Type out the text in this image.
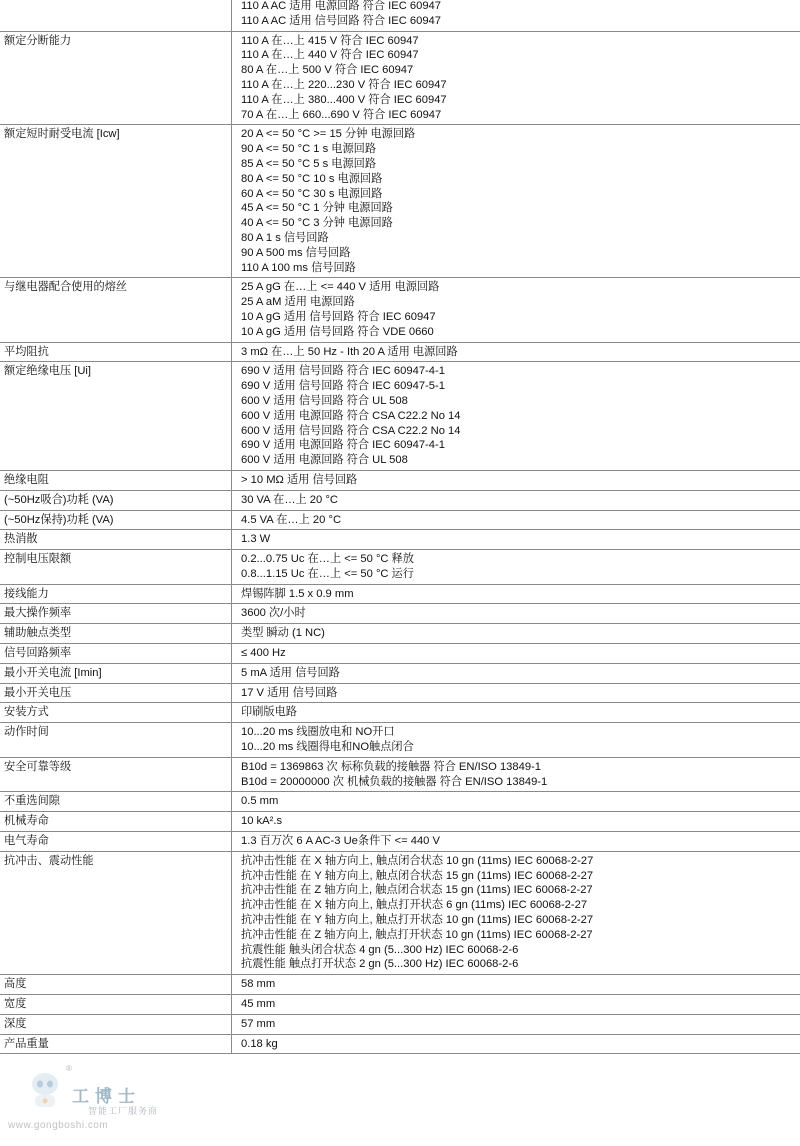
110 A AC 适用 电源回路 符合 IEC 60947
110 A AC 适用 信号回路 符合 IEC 60947
额定分断能力	110 A 在…上 415 V 符合 IEC 60947
110 A 在…上 440 V 符合 IEC 60947
80 A 在…上 500 V 符合 IEC 60947
110 A 在…上 220...230 V 符合 IEC 60947
110 A 在…上 380...400 V 符合 IEC 60947
70 A 在…上 660...690 V 符合 IEC 60947
额定短时耐受电流 [Icw]	20 A <= 50 °C >= 15 分钟 电源回路
90 A <= 50 °C 1 s 电源回路
85 A <= 50 °C 5 s 电源回路
80 A <= 50 °C 10 s 电源回路
60 A <= 50 °C 30 s 电源回路
45 A <= 50 °C 1 分钟 电源回路
40 A <= 50 °C 3 分钟 电源回路
80 A 1 s 信号回路
90 A 500 ms 信号回路
110 A 100 ms 信号回路
与继电器配合使用的熔丝	25 A gG 在…上 <= 440 V 适用 电源回路
25 A aM 适用 电源回路
10 A gG 适用 信号回路 符合 IEC 60947
10 A gG 适用 信号回路 符合 VDE 0660
平均阻抗	3 mΩ 在…上 50 Hz - Ith 20 A 适用 电源回路
额定绝缘电压 [Ui]	690 V 适用 信号回路 符合 IEC 60947-4-1
690 V 适用 信号回路 符合 IEC 60947-5-1
600 V 适用 信号回路 符合 UL 508
600 V 适用 电源回路 符合 CSA C22.2 No 14
600 V 适用 信号回路 符合 CSA C22.2 No 14
690 V 适用 电源回路 符合 IEC 60947-4-1
600 V 适用 电源回路 符合 UL 508
绝缘电阻	> 10 MΩ 适用 信号回路
(~50Hz吸合)功耗 (VA)	30 VA 在…上 20 °C
(~50Hz保持)功耗 (VA)	4.5 VA 在…上 20 °C
热消散	1.3 W
控制电压限额	0.2...0.75 Uc 在…上 <= 50 °C 释放
0.8...1.15 Uc 在…上 <= 50 °C 运行
接线能力	焊锡阵脚 1.5 x 0.9 mm
最大操作频率	3600 次/小时
辅助触点类型	类型 瞬动 (1 NC)
信号回路频率	≤ 400 Hz
最小开关电流 [Imin]	5 mA 适用 信号回路
最小开关电压	17 V 适用 信号回路
安装方式	印刷版电路
动作时间	10...20 ms 线圈放电和 NO开口
10...20 ms 线圈得电和NO触点闭合
安全可靠等级	B10d = 1369863 次 标称负载的接触器 符合 EN/ISO 13849-1
B10d = 20000000 次 机械负载的接触器 符合 EN/ISO 13849-1
不重选间隙	0.5 mm
机械寿命	10 kA².s
电气寿命	1.3 百万次 6 A AC-3 Ue条件下 <= 440 V
抗冲击、震动性能	抗冲击性能 在 X 轴方向上, 触点闭合状态 10 gn (11ms) IEC 60068-2-27
抗冲击性能 在 Y 轴方向上, 触点闭合状态 15 gn (11ms) IEC 60068-2-27
抗冲击性能 在 Z 轴方向上, 触点闭合状态 15 gn (11ms) IEC 60068-2-27
抗冲击性能 在 X 轴方向上, 触点打开状态 6 gn (11ms) IEC 60068-2-27
抗冲击性能 在 Y 轴方向上, 触点打开状态 10 gn (11ms) IEC 60068-2-27
抗冲击性能 在 Z 轴方向上, 触点打开状态 10 gn (11ms) IEC 60068-2-27
抗震性能 触头闭合状态 4 gn (5...300 Hz) IEC 60068-2-6
抗震性能 触点打开状态 2 gn (5...300 Hz) IEC 60068-2-6
高度	58 mm
宽度	45 mm
深度	57 mm
产品重量	0.18 kg
®
工博士
智能工厂服务商
www.gongboshi.com
